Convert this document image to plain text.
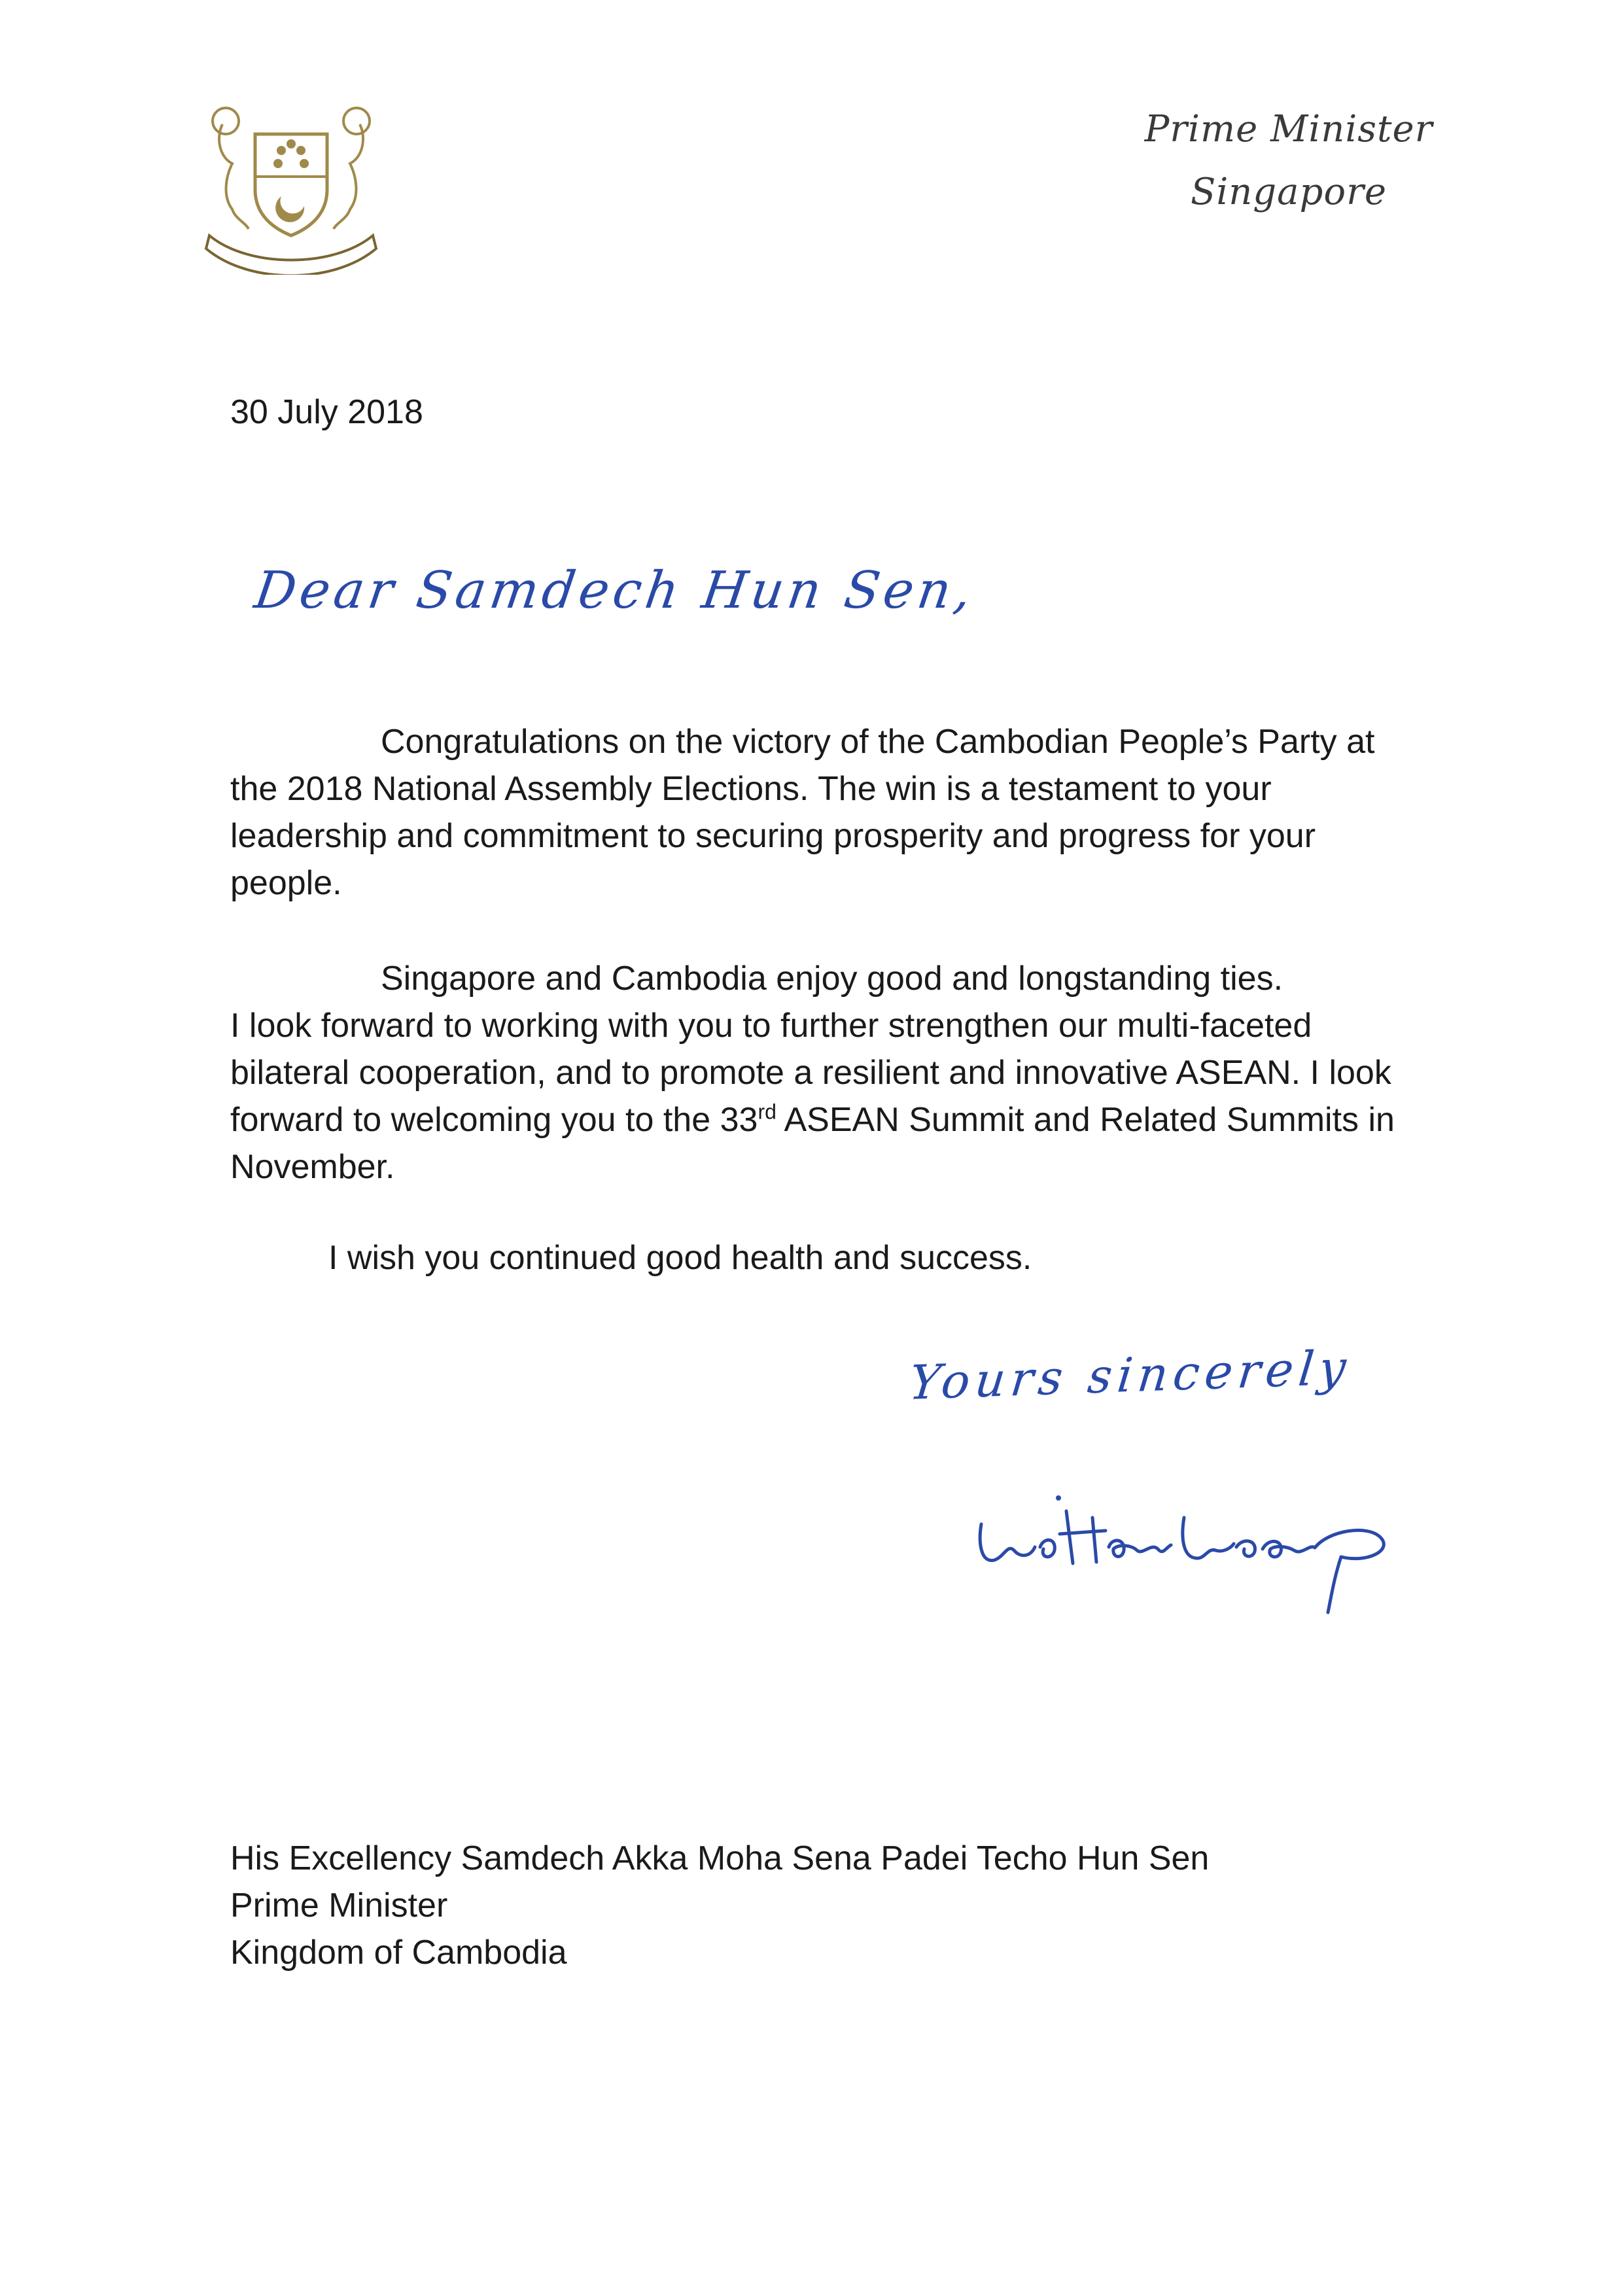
Prime Minister
Singapore
30 July 2018
Dear Samdech Hun Sen,
Congratulations on the victory of the Cambodian People’s Party at the 2018 National Assembly Elections. The win is a testament to your leadership and commitment to securing prosperity and progress for your people.
Singapore and Cambodia enjoy good and longstanding ties.
I look forward to working with you to further strengthen our multi-faceted bilateral cooperation, and to promote a resilient and innovative ASEAN. I look forward to welcoming you to the 33rd ASEAN Summit and Related Summits in November.
I wish you continued good health and success.
Yours sincerely
His Excellency Samdech Akka Moha Sena Padei Techo Hun Sen
Prime Minister
Kingdom of Cambodia
